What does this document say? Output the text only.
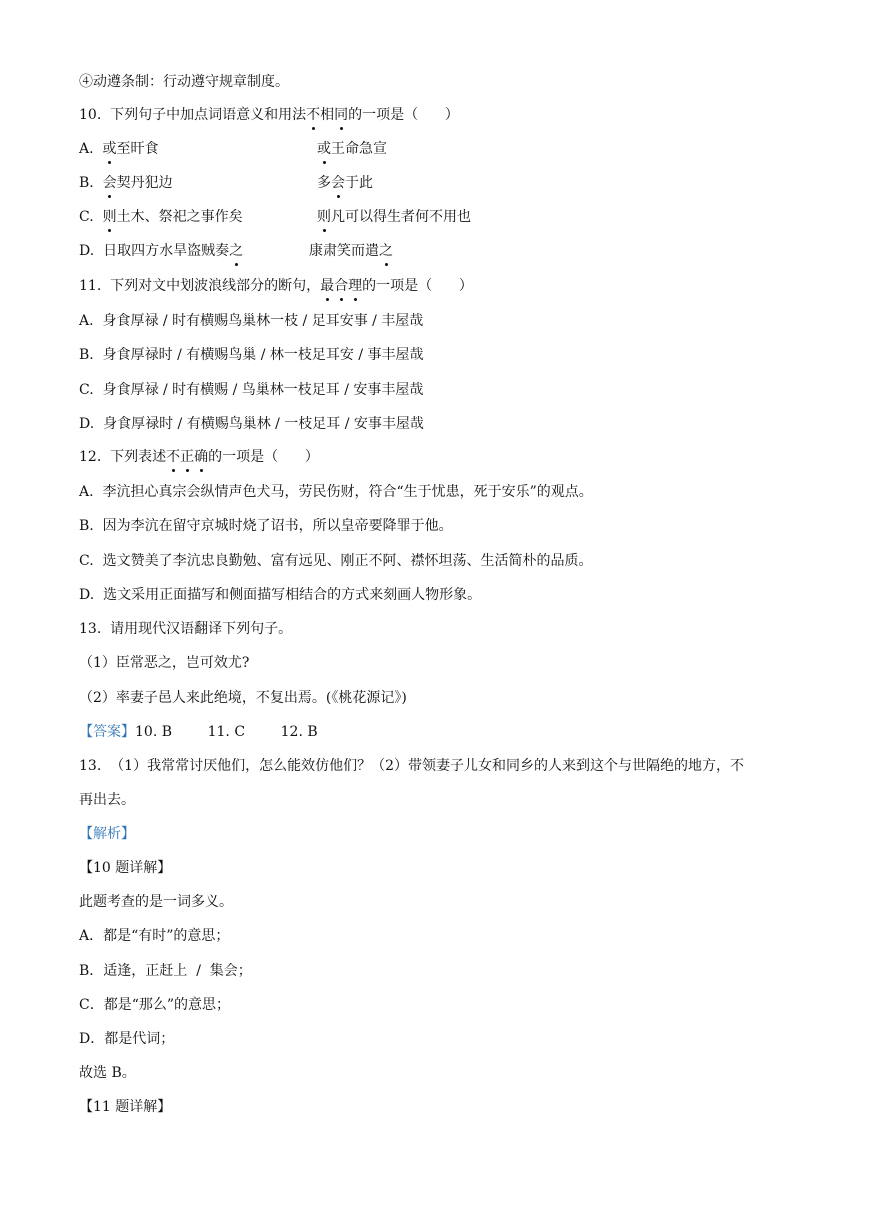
④动遵条制：行动遵守规章制度。
10.  下列句子中加点词语意义和用法不相同的一项是（      ）
A.  或至旰食	或王命急宣
B.  会契丹犯边	多会于此
C.  则土木、祭祀之事作矣	则凡可以得生者何不用也
D.  日取四方水旱盗贼奏之	康肃笑而遣之
11.  下列对文中划波浪线部分的断句，最合理的一项是（      ）
A.  身食厚禄 / 时有横赐鸟巢林一枝 / 足耳安事 / 丰屋哉
B.  身食厚禄时 / 有横赐鸟巢 / 林一枝足耳安 / 事丰屋哉
C.  身食厚禄 / 时有横赐 / 鸟巢林一枝足耳 / 安事丰屋哉
D.  身食厚禄时 / 有横赐鸟巢林 / 一枝足耳 / 安事丰屋哉
12.  下列表述不正确的一项是（      ）
A.  李沆担心真宗会纵情声色犬马，劳民伤财，符合“生于忧患，死于安乐”的观点。
B.  因为李沆在留守京城时烧了诏书，所以皇帝要降罪于他。
C.  选文赞美了李沆忠良勤勉、富有远见、刚正不阿、襟怀坦荡、生活简朴的品质。
D.  选文采用正面描写和侧面描写相结合的方式来刻画人物形象。
13.  请用现代汉语翻译下列句子。
（1）臣常恶之，岂可效尤?
（2）率妻子邑人来此绝境，不复出焉。(《桃花源记》)
【答案】10. B        11. C        12. B
13.  （1）我常常讨厌他们，怎么能效仿他们？（2）带领妻子儿女和同乡的人来到这个与世隔绝的地方，不
再出去。
【解析】
【10 题详解】
此题考查的是一词多义。
A．都是“有时”的意思；
B．适逢，正赶上  /  集会；
C．都是“那么”的意思；
D．都是代词；
故选 B。
【11 题详解】
